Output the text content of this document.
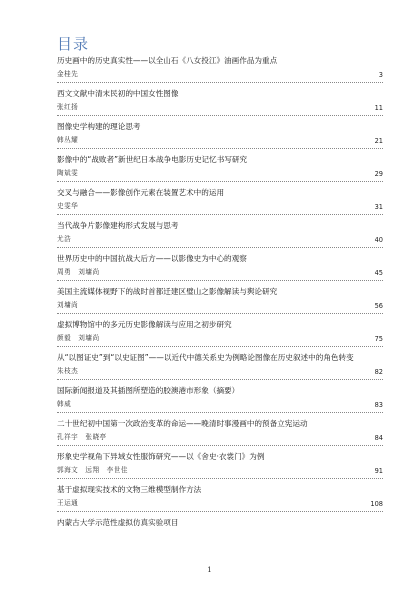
目录
历史画中的历史真实性——以全山石《八女投江》油画作品为重点
金桂先	3
西文文献中清末民初的中国女性图像
张红扬	11
图像史学构建的理论思考
韩丛耀	21
影像中的“战败者”新世纪日本战争电影历史记忆书写研究
陶斌雯	29
交叉与融合——影像创作元素在装置艺术中的运用
史雯华	31
当代战争片影像建构形式发展与思考
尤浩	40
世界历史中的中国抗战大后方——以影像史为中心的观察
周勇　刘墉尚	45
美国主流媒体视野下的战时首都迁建区璧山之影像解读与舆论研究
刘墉尚	56
虚拟博物馆中的多元历史影像解读与应用之初步研究
颜毅　刘墉尚	75
从“以图证史”到“以史证图”——以近代中德关系史为例略论图像在历史叙述中的角色转变
朱枝杰	82
国际新闻报道及其插图所塑造的胶澳港市形象（摘要）
韩威	83
二十世纪初中国第一次政治变革的命运——晚清时事漫画中的预备立宪运动
孔祥宇　张晓亭	84
形象史学视角下异域女性服饰研究——以《舍史·衣裳门》为例
郭海文　远翔　李世佳	91
基于虚拟现实技术的文物三维模型制作方法
王运通	108
内蒙古大学示范性虚拟仿真实验项目
1
